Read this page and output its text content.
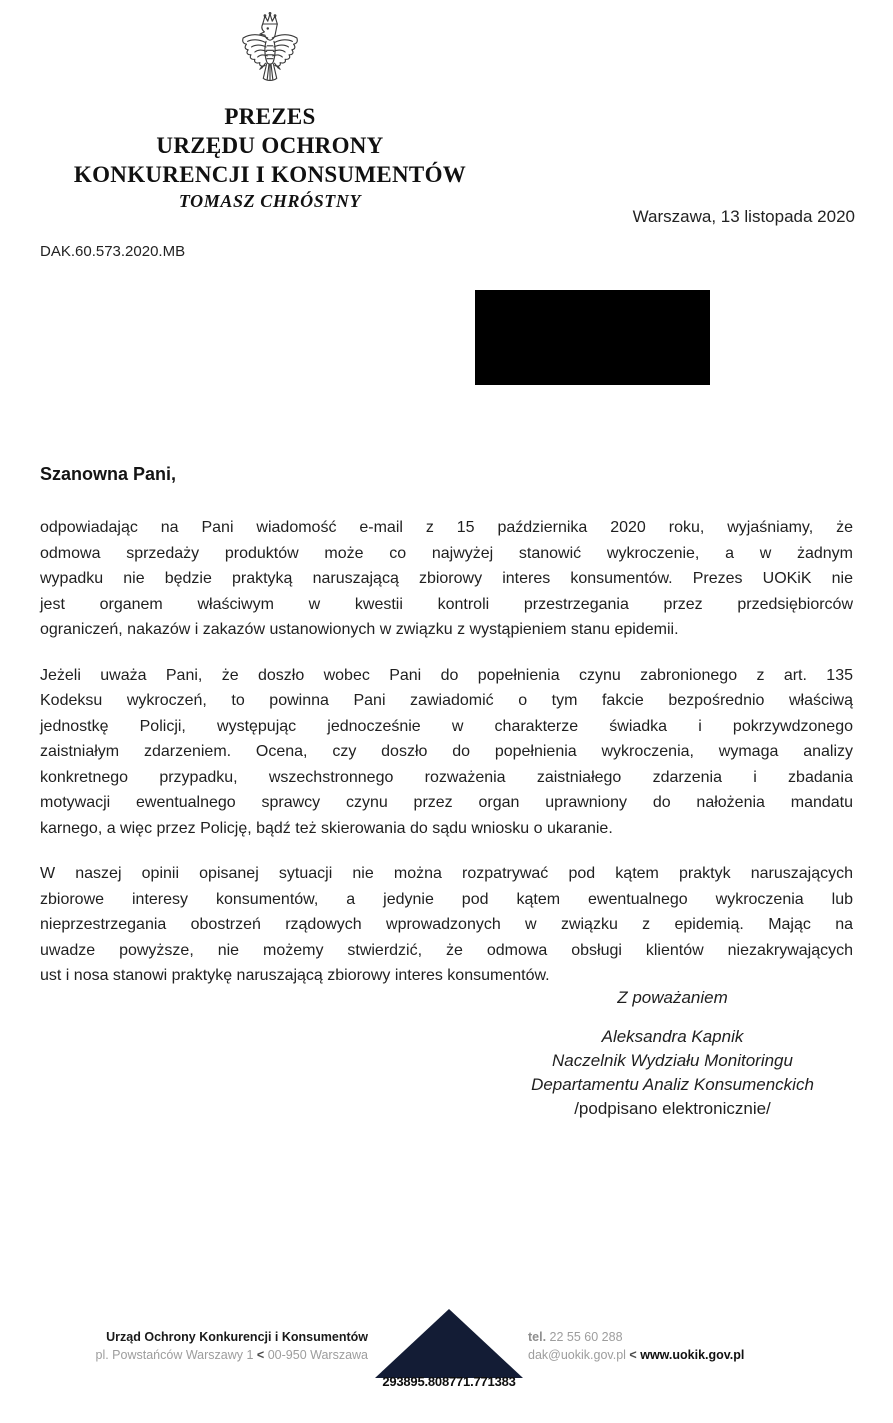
PREZES
URZĘDU OCHRONY
KONKURENCJI I KONSUMENTÓW
TOMASZ CHRÓSTNY
Warszawa, 13 listopada 2020
DAK.60.573.2020.MB
Szanowna Pani,
odpowiadając na Pani wiadomość e-mail z 15 października 2020 roku, wyjaśniamy, że
odmowa sprzedaży produktów może co najwyżej stanowić wykroczenie, a w żadnym
wypadku nie będzie praktyką naruszającą zbiorowy interes konsumentów. Prezes UOKiK nie
jest organem właściwym w kwestii kontroli przestrzegania przez przedsiębiorców
ograniczeń, nakazów i zakazów ustanowionych w związku z wystąpieniem stanu epidemii.
Jeżeli uważa Pani, że doszło wobec Pani do popełnienia czynu zabronionego z art. 135
Kodeksu wykroczeń, to powinna Pani zawiadomić o tym fakcie bezpośrednio właściwą
jednostkę Policji, występując jednocześnie w charakterze świadka i pokrzywdzonego
zaistniałym zdarzeniem. Ocena, czy doszło do popełnienia wykroczenia, wymaga analizy
konkretnego przypadku, wszechstronnego rozważenia zaistniałego zdarzenia i zbadania
motywacji ewentualnego sprawcy czynu przez organ uprawniony do nałożenia mandatu
karnego, a więc przez Policję, bądź też skierowania do sądu wniosku o ukaranie.
W naszej opinii opisanej sytuacji nie można rozpatrywać pod kątem praktyk naruszających
zbiorowe interesy konsumentów, a jedynie pod kątem ewentualnego wykroczenia lub
nieprzestrzegania obostrzeń rządowych wprowadzonych w związku z epidemią. Mając na
uwadze powyższe, nie możemy stwierdzić, że odmowa obsługi klientów niezakrywających
ust i nosa stanowi praktykę naruszającą zbiorowy interes konsumentów.
Z poważaniem
Aleksandra Kapnik
Naczelnik Wydziału Monitoringu
Departamentu Analiz Konsumenckich
/podpisano elektronicznie/
Urząd Ochrony Konkurencji i Konsumentów
pl. Powstańców Warszawy 1 < 00-950 Warszawa
293895.808771.771383
tel. 22 55 60 288
dak@uokik.gov.pl < www.uokik.gov.pl
